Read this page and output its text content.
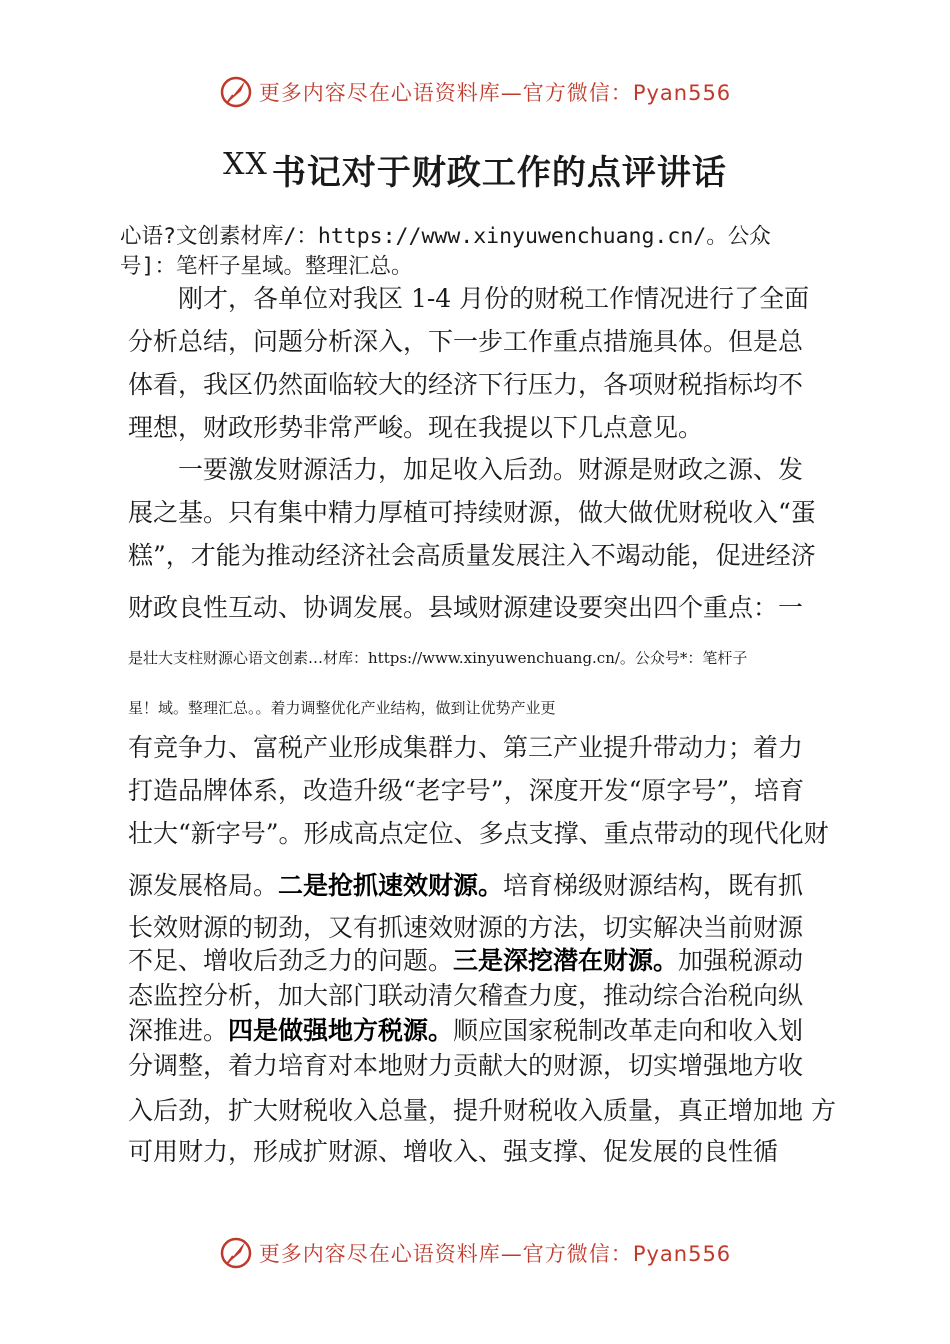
更多内容尽在心语资料库—官方微信：Pyan556
XX 书记对于财政工作的点评讲话
心语?文创素材库/：https://www.xinyuwenchuang.cn/。公众
号]：笔杆子星域。整理汇总。
　　刚才，各单位对我区 1-4 月份的财税工作情况进行了全面
分析总结，问题分析深入，下一步工作重点措施具体。但是总
体看，我区仍然面临较大的经济下行压力，各项财税指标均不
理想，财政形势非常严峻。现在我提以下几点意见。
　　一要激发财源活力，加足收入后劲。财源是财政之源、发
展之基。只有集中精力厚植可持续财源，做大做优财税收入“蛋
糕”，才能为推动经济社会高质量发展注入不竭动能，促进经济
财政良性互动、协调发展。县域财源建设要突出四个重点：一
是壮大支柱财源心语文创素…材库：https://www.xinyuwenchuang.cn/。公众号*：笔杆子
星！域。整理汇总。。着力调整优化产业结构，做到让优势产业更
有竞争力、富税产业形成集群力、第三产业提升带动力；着力
打造品牌体系，改造升级“老字号”，深度开发“原字号”，培育
壮大“新字号”。形成高点定位、多点支撑、重点带动的现代化财
源发展格局。二是抢抓速效财源。培育梯级财源结构，既有抓
长效财源的韧劲，又有抓速效财源的方法，切实解决当前财源
不足、增收后劲乏力的问题。三是深挖潜在财源。加强税源动
态监控分析，加大部门联动清欠稽查力度，推动综合治税向纵
深推进。四是做强地方税源。顺应国家税制改革走向和收入划
分调整，着力培育对本地财力贡献大的财源，切实增强地方收
入后劲，扩大财税收入总量，提升财税收入质量，真正增加地 方
可用财力，形成扩财源、增收入、强支撑、促发展的良性循
更多内容尽在心语资料库—官方微信：Pyan556
